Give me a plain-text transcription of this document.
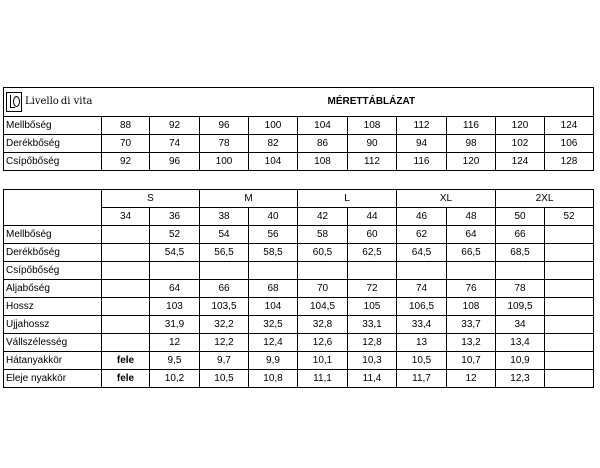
Livello di vita					MÉRETTÁBLÁZAT					
Mellbőség	88	92	96	100	104	108	112	116	120	124
Derékbőség	70	74	78	82	86	90	94	98	102	106
Csípőbőség	92	96	100	104	108	112	116	120	124	128

	S		M		L		XL		2XL	
	34	36	38	40	42	44	46	48	50	52
Mellbőség		52	54	56	58	60	62	64	66	
Derékbőség		54,5	56,5	58,5	60,5	62,5	64,5	66,5	68,5	
Csípőbőség										
Aljabőség		64	66	68	70	72	74	76	78	
Hossz		103	103,5	104	104,5	105	106,5	108	109,5	
Ujjahossz		31,9	32,2	32,5	32,8	33,1	33,4	33,7	34	
Vállszélesség		12	12,2	12,4	12,6	12,8	13	13,2	13,4	
Hátanyakkör	fele	9,5	9,7	9,9	10,1	10,3	10,5	10,7	10,9	
Eleje nyakkör	fele	10,2	10,5	10,8	11,1	11,4	11,7	12	12,3	
